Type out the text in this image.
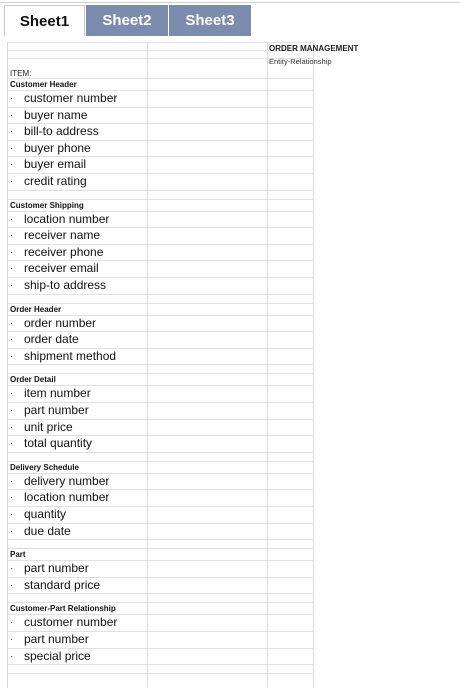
Sheet1	Sheet2	Sheet3
ORDER MANAGEMENT
Entity-Relationship
ITEM:
Customer Header
· customer number
· buyer name
· bill-to address
· buyer phone
· buyer email
· credit rating
Customer Shipping
· location number
· receiver name
· receiver phone
· receiver email
· ship-to address
Order Header
· order number
· order date
· shipment method
Order Detail
· item number
· part number
· unit price
· total quantity
Delivery Schedule
· delivery number
· location number
· quantity
· due date
Part
· part number
· standard price
Customer-Part Relationship
· customer number
· part number
· special price
